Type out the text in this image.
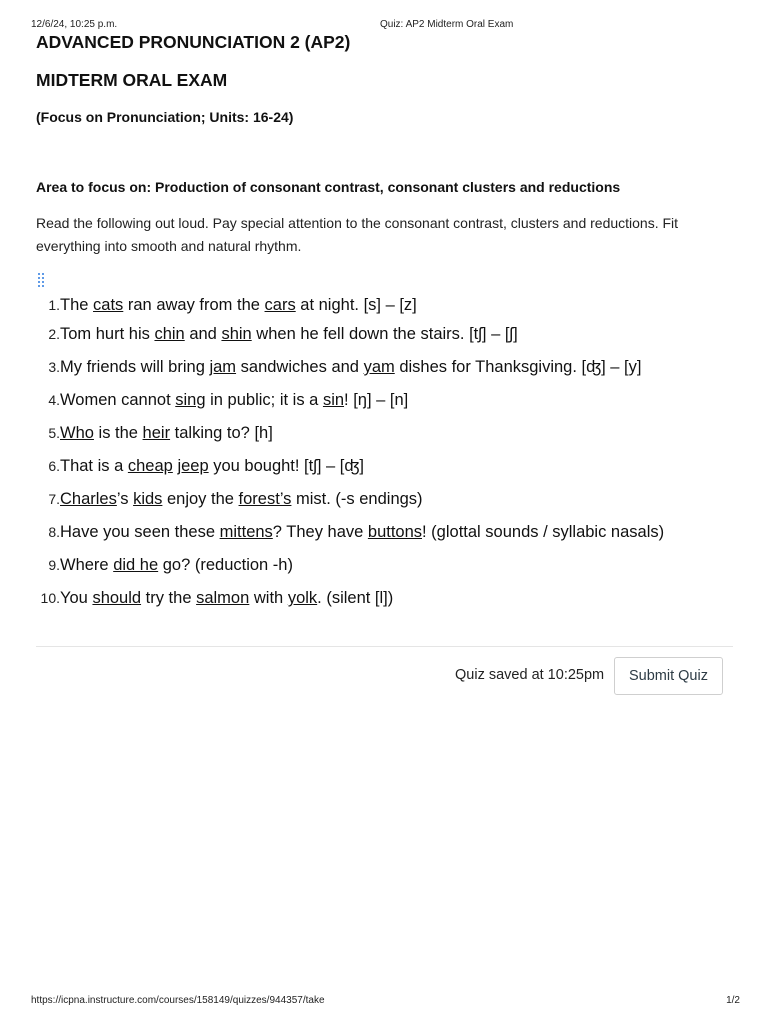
12/6/24, 10:25 p.m.	Quiz: AP2 Midterm Oral Exam
ADVANCED PRONUNCIATION 2 (AP2)
MIDTERM ORAL EXAM

(Focus on Pronunciation; Units: 16-24)

Area to focus on: Production of consonant contrast, consonant clusters and reductions

Read the following out loud. Pay special attention to the consonant contrast, clusters and reductions. Fit everything into smooth and natural rhythm.

1.The cats ran away from the cars at night. [s] – [z]
2.Tom hurt his chin and shin when he fell down the stairs. [tʃ] – [ʃ]
3.My friends will bring jam sandwiches and yam dishes for Thanksgiving. [ʤ] – [y]
4.Women cannot sing in public; it is a sin! [ŋ] – [n]
5.Who is the heir talking to? [h]
6.That is a cheap jeep you bought! [tʃ] – [ʤ]
7.Charles’s kids enjoy the forest’s mist. (-s endings)
8.Have you seen these mittens? They have buttons! (glottal sounds / syllabic nasals)
9.Where did he go? (reduction -h)
10.You should try the salmon with yolk. (silent [l])
Quiz saved at 10:25pm	Submit Quiz
https://icpna.instructure.com/courses/158149/quizzes/944357/take	1/2
